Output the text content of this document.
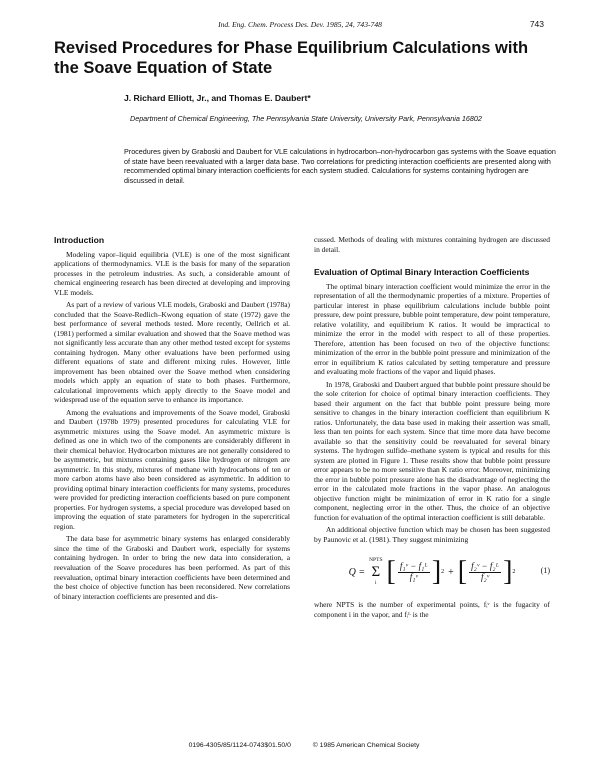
Ind. Eng. Chem. Process Des. Dev. 1985, 24, 743-748	743
Revised Procedures for Phase Equilibrium Calculations with the Soave Equation of State
J. Richard Elliott, Jr., and Thomas E. Daubert*
Department of Chemical Engineering, The Pennsylvania State University, University Park, Pennsylvania 16802

Procedures given by Graboski and Daubert for VLE calculations in hydrocarbon–non-hydrocarbon gas systems with the Soave equation of state have been reevaluated with a larger data base. Two correlations for predicting interaction coefficients are presented along with recommended optimal binary interaction coefficients for each system studied. Calculations for systems containing hydrogen are discussed in detail.

Introduction

Modeling vapor–liquid equilibria (VLE) is one of the most significant applications of thermodynamics. VLE is the basis for many of the separation processes in the petroleum industries. As such, a considerable amount of chemical engineering research has been directed at developing and improving VLE models.

As part of a review of various VLE models, Graboski and Daubert (1978a) concluded that the Soave-Redlich–Kwong equation of state (1972) gave the best performance of several methods tested. More recently, Oellrich et al. (1981) performed a similar evaluation and showed that the Soave method was not significantly less accurate than any other method tested except for systems containing hydrogen. Many other evaluations have been performed using different equations of state and different mixing rules. However, little improvement has been obtained over the Soave method when considering models which apply an equation of state to both phases. Furthermore, calculational improvements which apply directly to the Soave model and widespread use of the equation serve to enhance its importance.

Among the evaluations and improvements of the Soave model, Graboski and Daubert (1978b 1979) presented procedures for calculating VLE for asymmetric mixtures using the Soave model. An asymmetric mixture is defined as one in which two of the components are considerably different in their chemical behavior. Hydrocarbon mixtures are not generally considered to be asymmetric, but mixtures containing gases like hydrogen or nitrogen are asymmetric. In this study, mixtures of methane with hydrocarbons of ten or more carbon atoms have also been considered as asymmetric. In addition to providing optimal binary interaction coefficients for many systems, procedures were provided for predicting interaction coefficients based on pure component properties. For hydrogen systems, a special procedure was developed based on improving the equation of state parameters for hydrogen in the supercritical region.

The data base for asymmetric binary systems has enlarged considerably since the time of the Graboski and Daubert work, especially for systems containing hydrogen. In order to bring the new data into consideration, a reevaluation of the Soave procedures has been performed. As part of this reevaluation, optimal binary interaction coefficients have been determined and the best choice of objective function has been reconsidered. New correlations of binary interaction coefficients are presented and dis-

cussed. Methods of dealing with mixtures containing hydrogen are discussed in detail.

Evaluation of Optimal Binary Interaction Coefficients

The optimal binary interaction coefficient would minimize the error in the representation of all the thermodynamic properties of a mixture. Properties of particular interest in phase equilibrium calculations include bubble point pressure, dew point pressure, bubble point temperature, dew point temperature, relative volatility, and equilibrium K ratios. It would be impractical to minimize the error in the model with respect to all of these properties. Therefore, attention has been focused on two of the objective functions: minimization of the error in the bubble point pressure and minimization of the error in equilibrium K ratios calculated by setting temperature and pressure and evaluating mole fractions of the vapor and liquid phases.

In 1978, Graboski and Daubert argued that bubble point pressure should be the sole criterion for choice of optimal binary interaction coefficients. They based their argument on the fact that bubble point pressure being more sensitive to changes in the binary interaction coefficient than equilibrium K ratios. Unfortunately, the data base used in making their assertion was small, less than ten points for each system. Since that time more data have become available so that the sensitivity could be reevaluated for several binary systems. The hydrogen sulfide–methane system is typical and results for this system are plotted in Figure 1. These results show that bubble point pressure error appears to be no more sensitive than K ratio error. Moreover, minimizing the error in bubble point pressure alone has the disadvantage of neglecting the error in the calculated mole fractions in the vapor phase. An analogous objective function might be minimization of error in K ratio for a single component, neglecting error in the other. Thus, the choice of an objective function for evaluation of the optimal interaction coefficient is still debatable.

An additional objective function which may be chosen has been suggested by Paunovic et al. (1981). They suggest minimizing

Q =
NPTS
Σ
i [ $\frac{\text{f₁ᵛ − f₁ᴸ}}{\text{f₁ᵛ}}$ ] 2 + [ $\frac{\text{f₂ᵛ − f₂ᴸ}}{\text{f₂ᵛ}}$ ] 2	(1)

where NPTS is the number of experimental points, fᵢᵛ is the fugacity of component i in the vapor, and fᵢᴸ is the

0196-4305/85/1124-0743$01.50/0	© 1985 American Chemical Society
